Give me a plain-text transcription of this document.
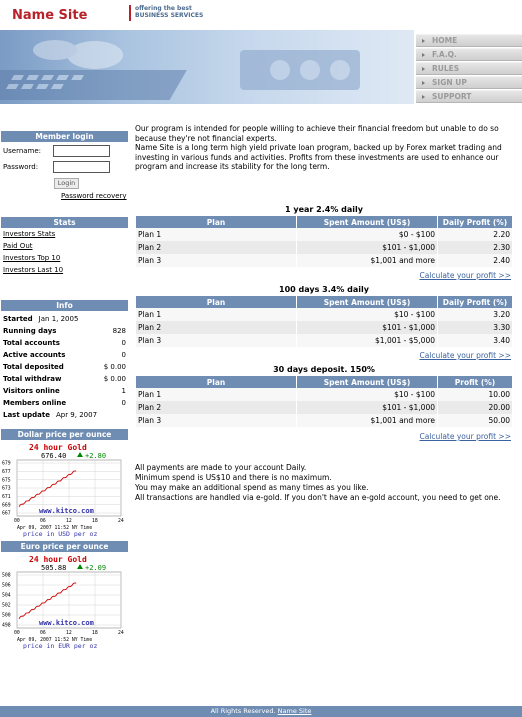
Name Site	offering the best
BUSINESS SERVICES
HOME
F.A.Q.
RULES
SIGN UP
SUPPORT
Member login
Username:
Password:
Login
Password recovery
Stats
Investors Stats
Paid Out
Investors Top 10
Investors Last 10
Info
Started Jan 1, 2005
Running days	828
Total accounts	0
Active accounts	0
Total deposited	$ 0.00
Total withdraw	$ 0.00
Visitors online	1
Members online	0
Last update Apr 9, 2007
Dollar price per ounce
24 hour Gold
676.40	+2.80
679
677
675
673
671
669
667
00	06	12	18	24
www.kitco.com
Apr 09, 2007 11:52 NY Time
price in USD per oz
Euro price per ounce
24 hour Gold
505.88	+2.09
508
506
504
502
500
498
00	06	12	18	24
www.kitco.com
Apr 09, 2007 11:52 NY Time
price in EUR per oz

Our program is intended for people willing to achieve their financial freedom but unable to do so because they're not financial experts.

Name Site is a long term high yield private loan program, backed up by Forex market trading and investing in various funds and activities. Profits from these investments are used to enhance our program and increase its stability for the long term.

1 year 2.4% daily
Plan	Spent Amount (US$)	Daily Profit (%)
Plan 1	$0 - $100	2.20
Plan 2	$101 - $1,000	2.30
Plan 3	$1,001 and more	2.40
Calculate your profit >>
100 days 3.4% daily
Plan	Spent Amount (US$)	Daily Profit (%)
Plan 1	$10 - $100	3.20
Plan 2	$101 - $1,000	3.30
Plan 3	$1,001 - $5,000	3.40
Calculate your profit >>
30 days deposit. 150%
Plan	Spent Amount (US$)	Profit (%)
Plan 1	$10 - $100	10.00
Plan 2	$101 - $1,000	20.00
Plan 3	$1,001 and more	50.00
Calculate your profit >>
All payments are made to your account Daily.
Minimum spend is US$10 and there is no maximum.
You may make an additional spend as many times as you like.
All transactions are handled via e-gold. If you don't have an e-gold account, you need to get one.
All Rights Reserved. Name Site
